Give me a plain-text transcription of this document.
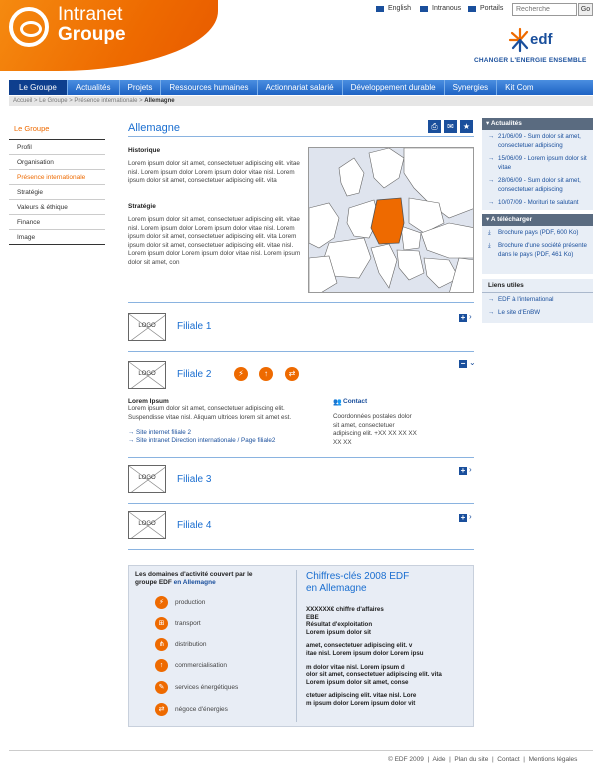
Intranet
Groupe
English	Intranous	Portails
Recherche	Go
edf
CHANGER L'ENERGIE ENSEMBLE
Le Groupe	Actualités	Projets	Ressources humaines	Actionnariat salarié	Développement durable	Synergies	Kit Com
Accueil > Le Groupe > Présence internationale > Allemagne
Le Groupe
Profil
Organisation
Présence internationale
Stratégie
Valeurs & éthique
Finance
Image
Allemagne	⎙	✉	★
Historique
Lorem ipsum dolor sit amet, consectetuer adipiscing elit. vitae nisl. Lorem ipsum dolor Lorem ipsum dolor vitae nisl. Lorem ipsum dolor sit amet, consectetuer adipiscing elit. vita
Stratégie
Lorem ipsum dolor sit amet, consectetuer adipiscing elit. vitae nisl. Lorem ipsum dolor Lorem ipsum dolor vitae nisl. Lorem ipsum dolor sit amet, consectetuer adipiscing elit. vita Lorem ipsum dolor sit amet, consectetuer adipiscing elit. vitae nisl. Lorem ipsum dolor Lorem ipsum dolor vitae nisl. Lorem ipsum dolor sit amet, con
LOGO	Filiale 1
+ ›
LOGO	Filiale 2	⚡	↑	⇄
− ⌄
Lorem Ipsum
Lorem ipsum dolor sit amet, consectetuer adipiscing elit. Suspendisse vitae nisl. Aliquam ultrices lorem sit amet est.
→ Site internet filiale 2
→ Site intranet Direction internationale / Page filiale2
👥 Contact
Coordonnées postales dolor sit amet, consectetuer adipiscing elit. +XX XX XX XX XX XX
LOGO	Filiale 3
+ ›
LOGO	Filiale 4
+ ›
▾ Actualités
→ 21/06/09 - Sum dolor sit amet, consectetuer adipiscing
→ 15/06/09 - Lorem ipsum dolor sit vitae
→ 28/06/09 - Sum dolor sit amet, consectetuer adipiscing
→ 10/07/09 - Morituri te salutant
▾ A télécharger
⤓ Brochure pays (PDF, 600 Ko)
⤓ Brochure d'une société présente dans le pays (PDF, 461 Ko)
Liens utiles
→ EDF à l'international
→ Le site d'EnBW
Les domaines d'activité couvert par le groupe EDF en Allemagne
⚡	production
⊞	transport
⋔	distribution
↑	commercialisation
✎	services énergétiques
⇄	négoce d'énergies
Chiffres-clés 2008 EDF
en Allemagne
XXXXXX€ chiffre d'affaires
EBE
Résultat d'exploitation
Lorem ipsum dolor sit
amet, consectetuer adipiscing elit. v
itae nisl. Lorem ipsum dolor Lorem ipsu
m dolor vitae nisl. Lorem ipsum d
olor sit amet, consectetuer adipiscing elit. vita
Lorem ipsum dolor sit amet, conse
ctetuer adipiscing elit. vitae nisl. Lore
m ipsum dolor Lorem ipsum dolor vit
© EDF 2009  |  Aide  |  Plan du site  |  Contact  |  Mentions légales
